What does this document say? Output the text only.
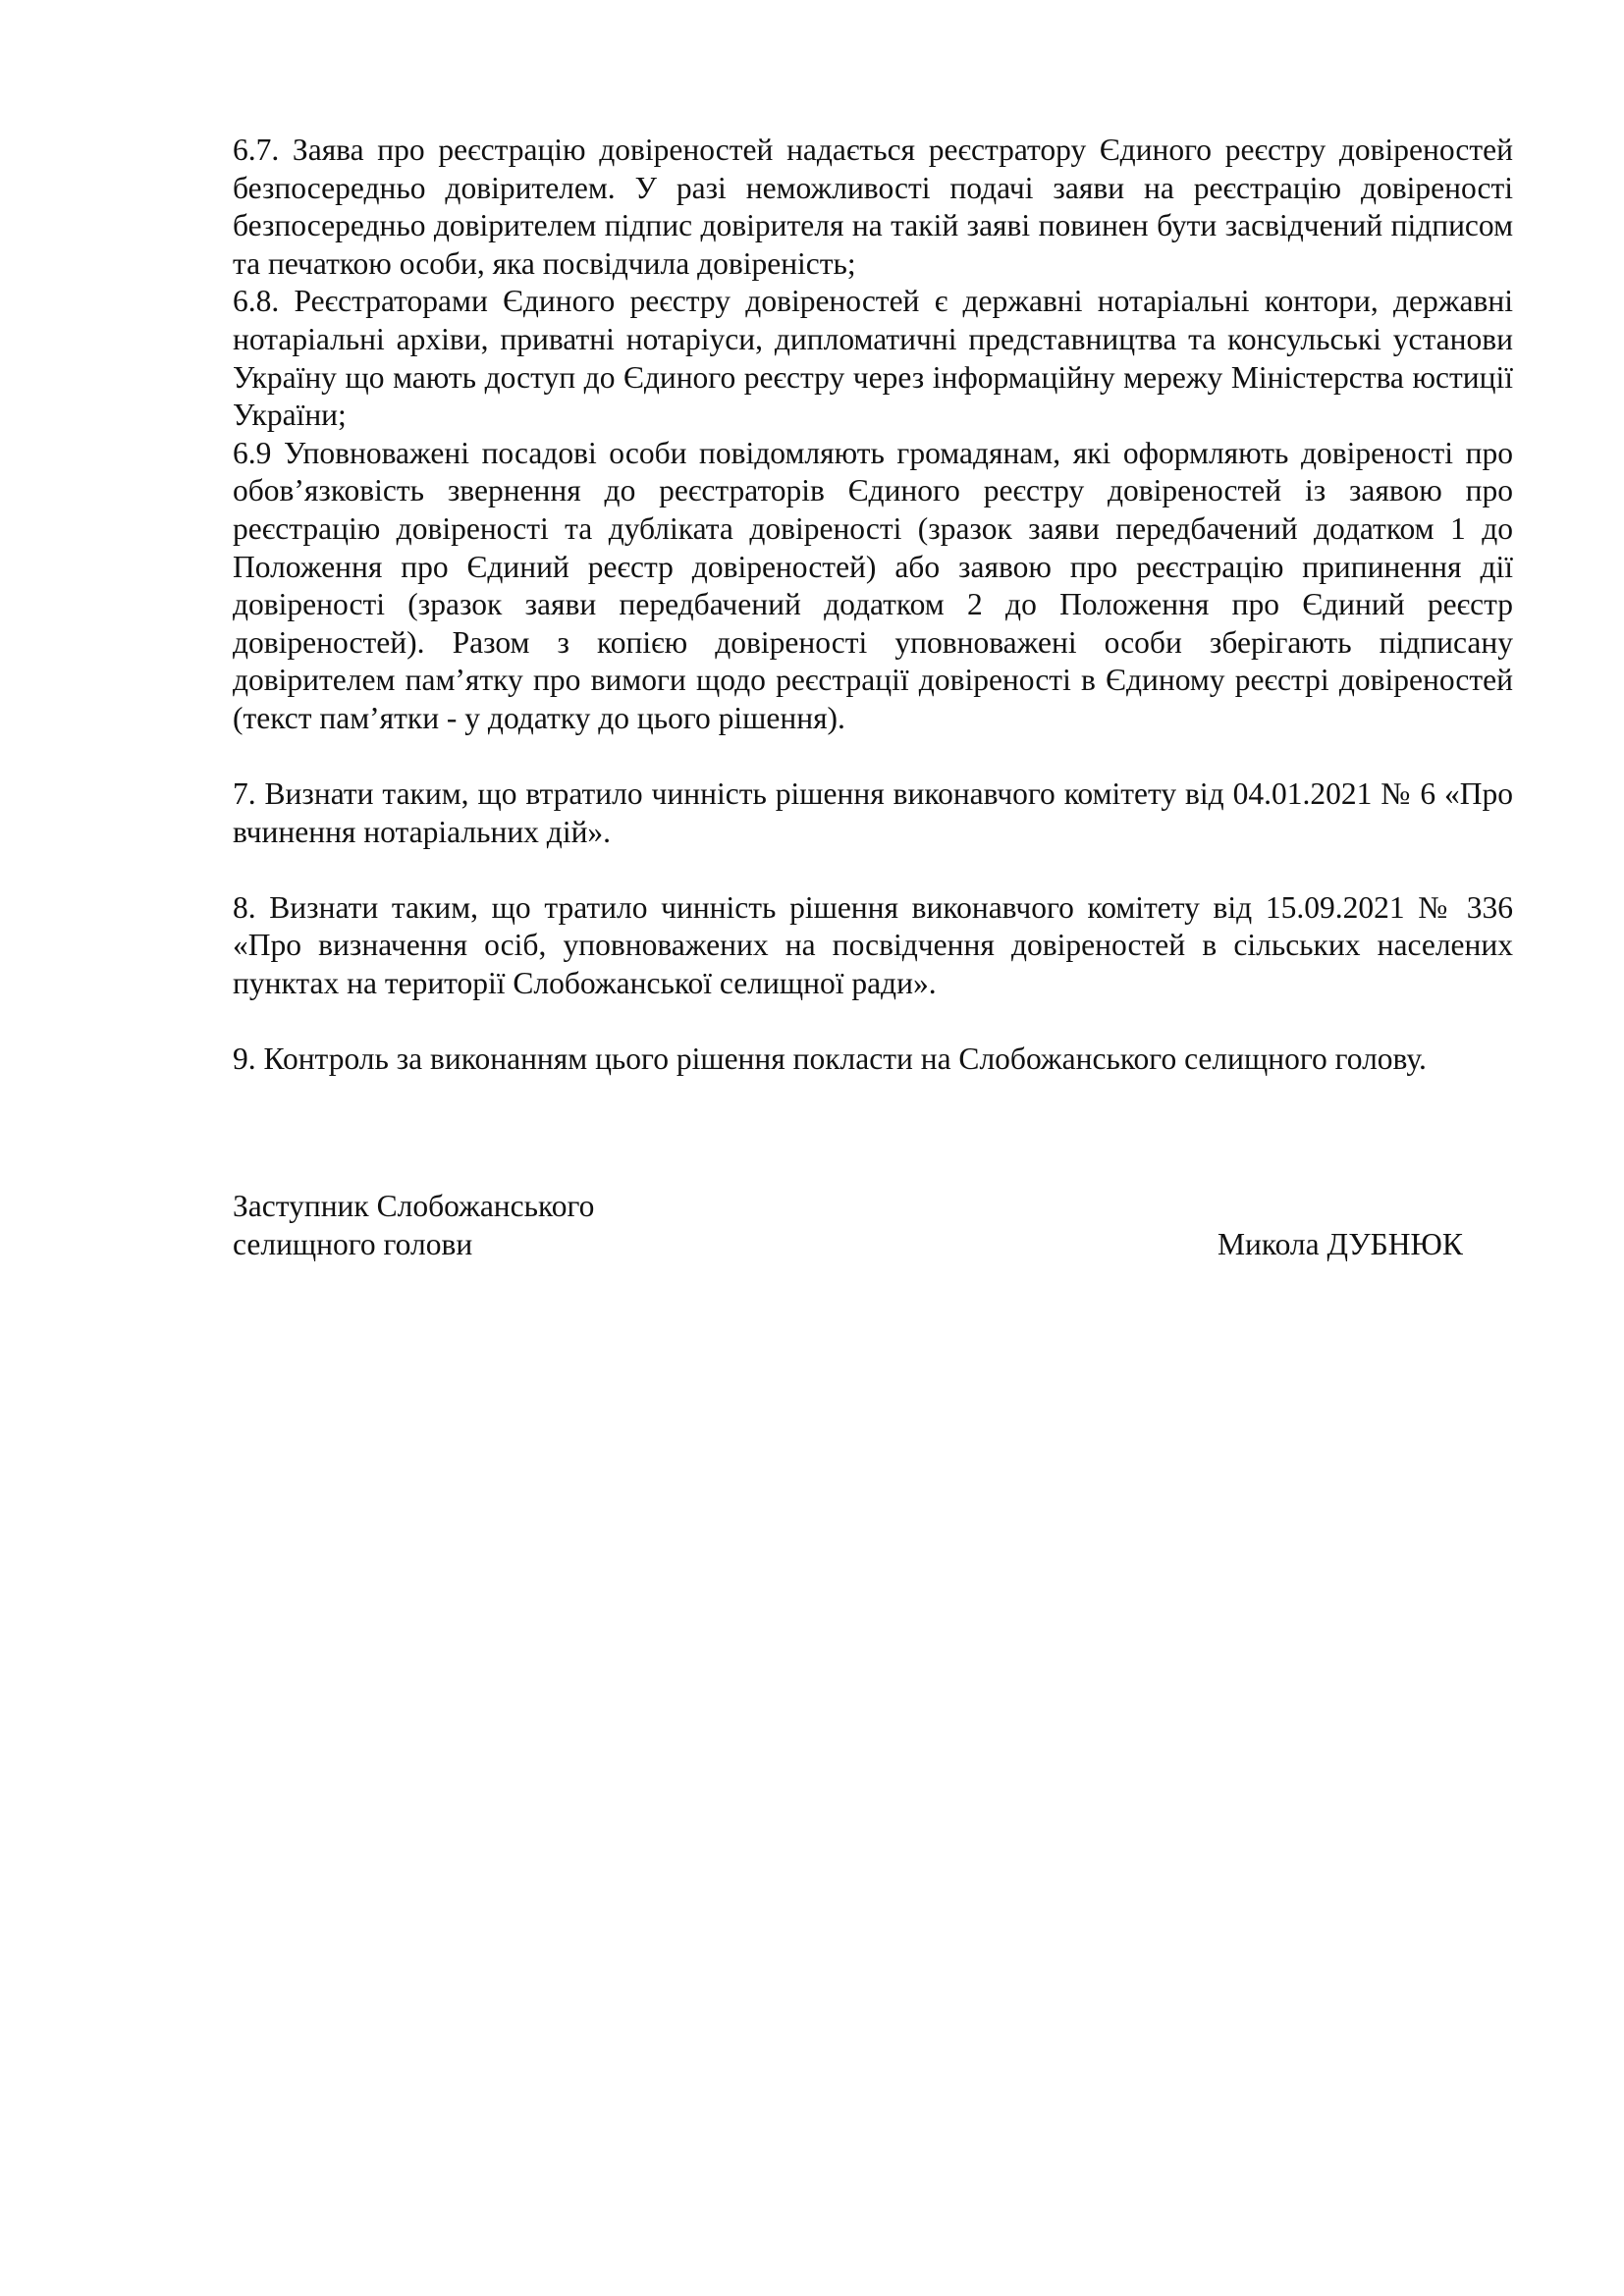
6.7. Заява про реєстрацію довіреностей надається реєстратору Єдиного реєстру довіреностей безпосередньо довірителем. У разі неможливості подачі заяви на реєстрацію довіреності безпосередньо довірителем підпис довірителя на такій заяві повинен бути засвідчений підписом та печаткою особи, яка посвідчила довіреність;

6.8. Реєстраторами Єдиного реєстру довіреностей є державні нотаріальні контори, державні нотаріальні архіви, приватні нотаріуси, дипломатичні представництва та консульські установи Україну що мають доступ до Єдиного реєстру через інформаційну мережу Міністерства юстиції України;

6.9 Уповноважені посадові особи повідомляють громадянам, які оформляють довіреності про обов’язковість звернення до реєстраторів Єдиного реєстру довіреностей із заявою про реєстрацію довіреності та дубліката довіреності (зразок заяви передбачений додатком 1 до Положення про Єдиний реєстр довіреностей) або заявою про реєстрацію припинення дії довіреності (зразок заяви передбачений додатком 2 до Положення про Єдиний реєстр довіреностей). Разом з копією довіреності уповноважені особи зберігають підписану довірителем пам’ятку про вимоги щодо реєстрації довіреності в Єдиному реєстрі довіреностей (текст пам’ятки - у додатку до цього рішення).

7. Визнати таким, що втратило чинність рішення виконавчого комітету від 04.01.2021 № 6 «Про вчинення нотаріальних дій».

8. Визнати таким, що тратило чинність рішення виконавчого комітету від 15.09.2021 № 336 «Про визначення осіб, уповноважених на посвідчення довіреностей в сільських населених пунктах на території Слобожанської селищної ради».

9. Контроль за виконанням цього рішення покласти на Слобожанського селищного голову.

Заступник Слобожанського
селищного голови	Микола ДУБНЮК
